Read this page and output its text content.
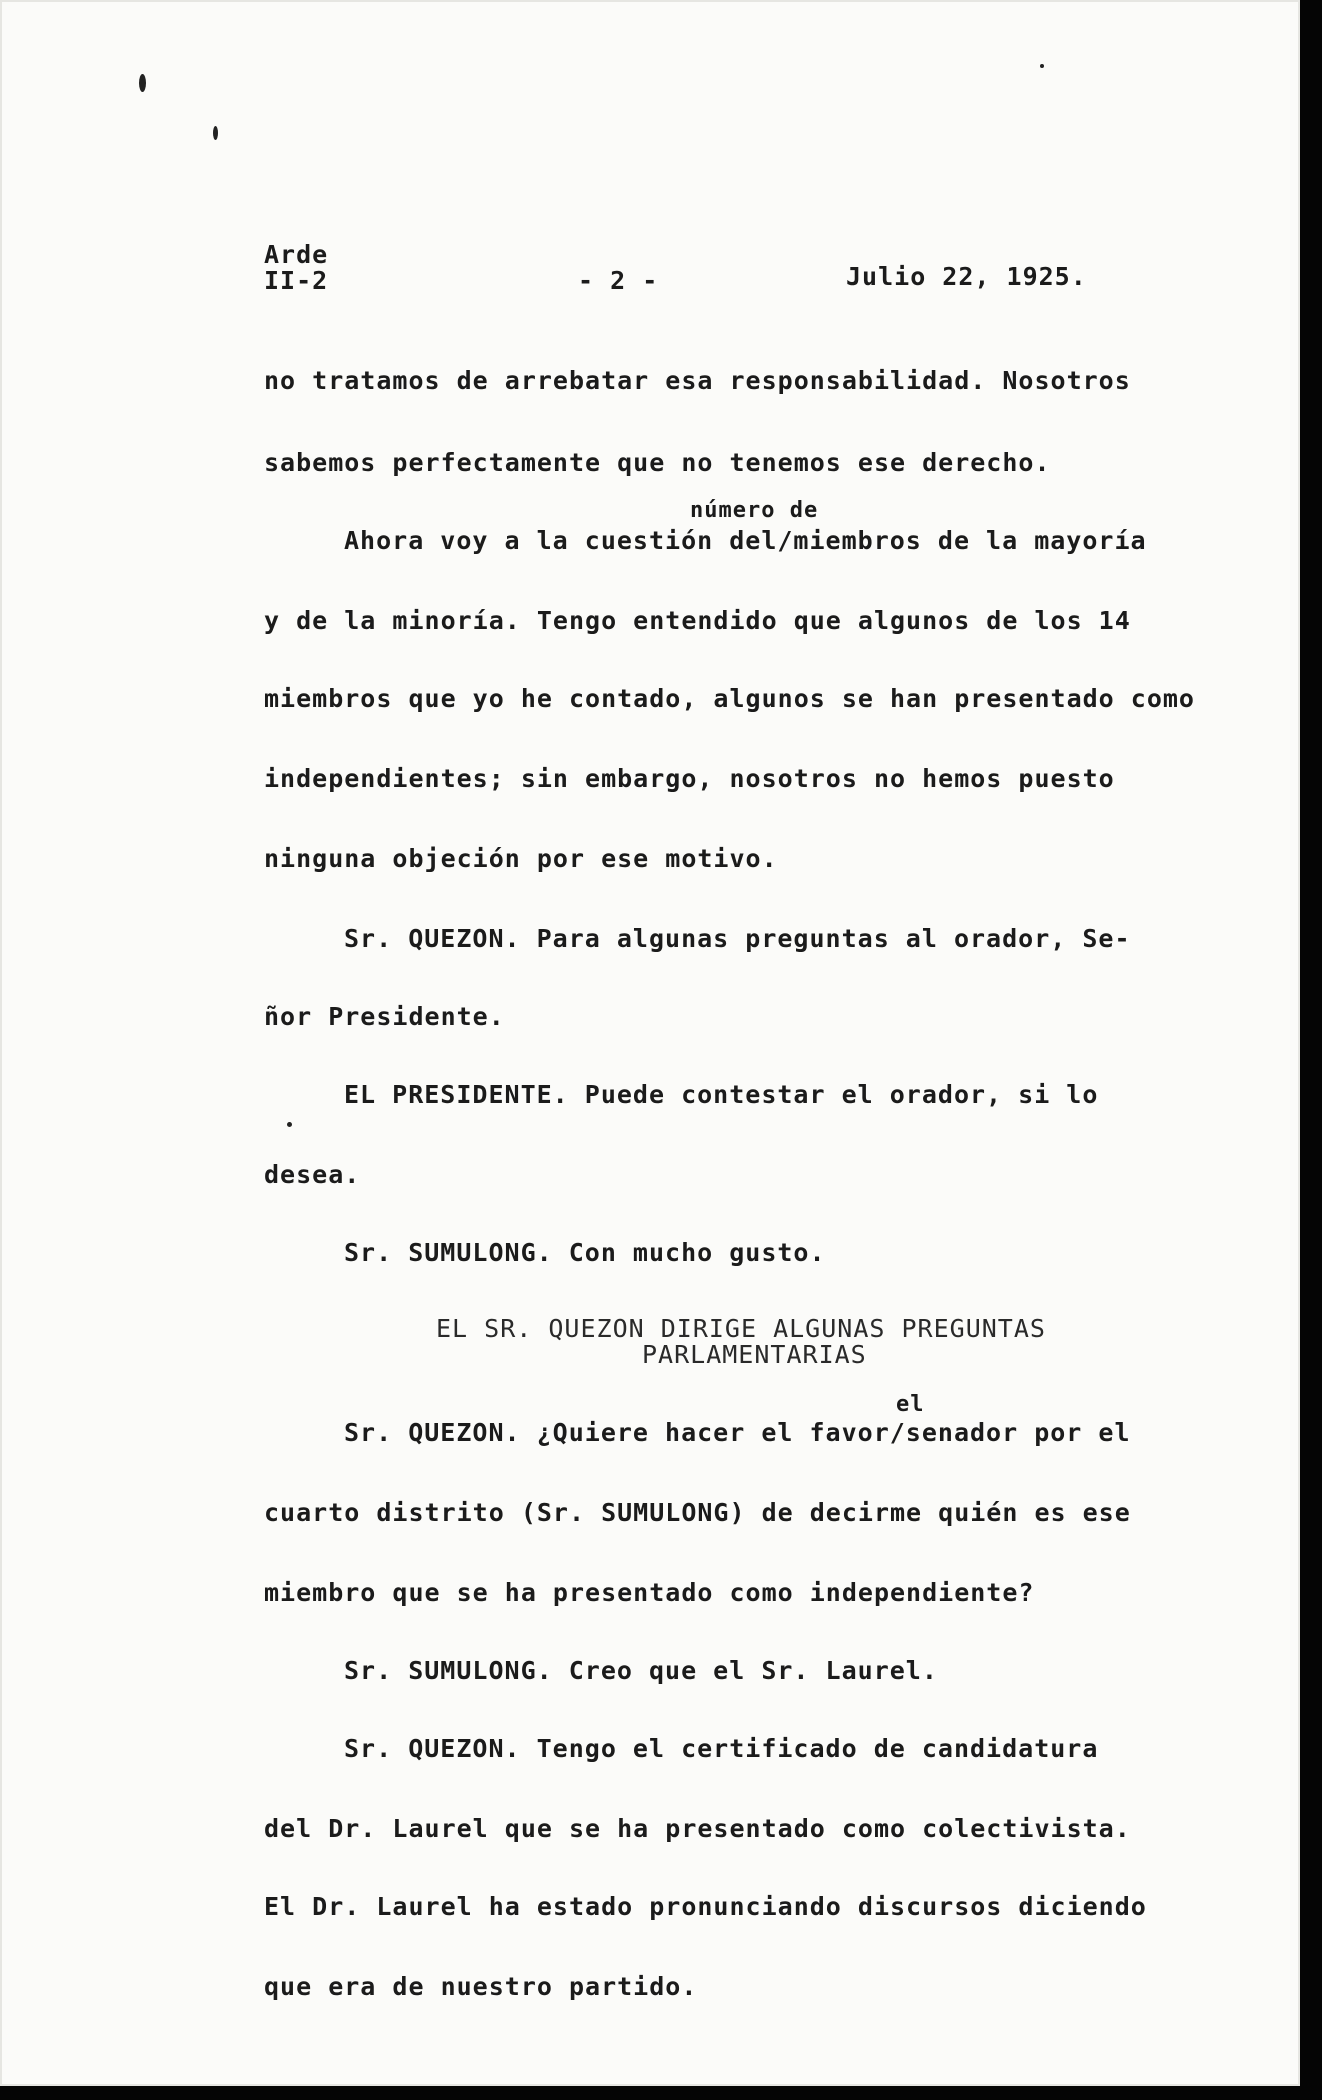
Arde
II-2	- 2 -	Julio 22, 1925.
no tratamos de arrebatar esa responsabilidad. Nosotros
sabemos perfectamente que no tenemos ese derecho.
número de
Ahora voy a la cuestión del/miembros de la mayoría
y de la minoría. Tengo entendido que algunos de los 14
miembros que yo he contado, algunos se han presentado como
independientes; sin embargo, nosotros no hemos puesto
ninguna objeción por ese motivo.
Sr. QUEZON. Para algunas preguntas al orador, Se-
ñor Presidente.
EL PRESIDENTE. Puede contestar el orador, si lo
desea.
Sr. SUMULONG. Con mucho gusto.
EL SR. QUEZON DIRIGE ALGUNAS PREGUNTAS
PARLAMENTARIAS
el
Sr. QUEZON. ¿Quiere hacer el favor/senador por el
cuarto distrito (Sr. SUMULONG) de decirme quién es ese
miembro que se ha presentado como independiente?
Sr. SUMULONG. Creo que el Sr. Laurel.
Sr. QUEZON. Tengo el certificado de candidatura
del Dr. Laurel que se ha presentado como colectivista.
El Dr. Laurel ha estado pronunciando discursos diciendo
que era de nuestro partido.
